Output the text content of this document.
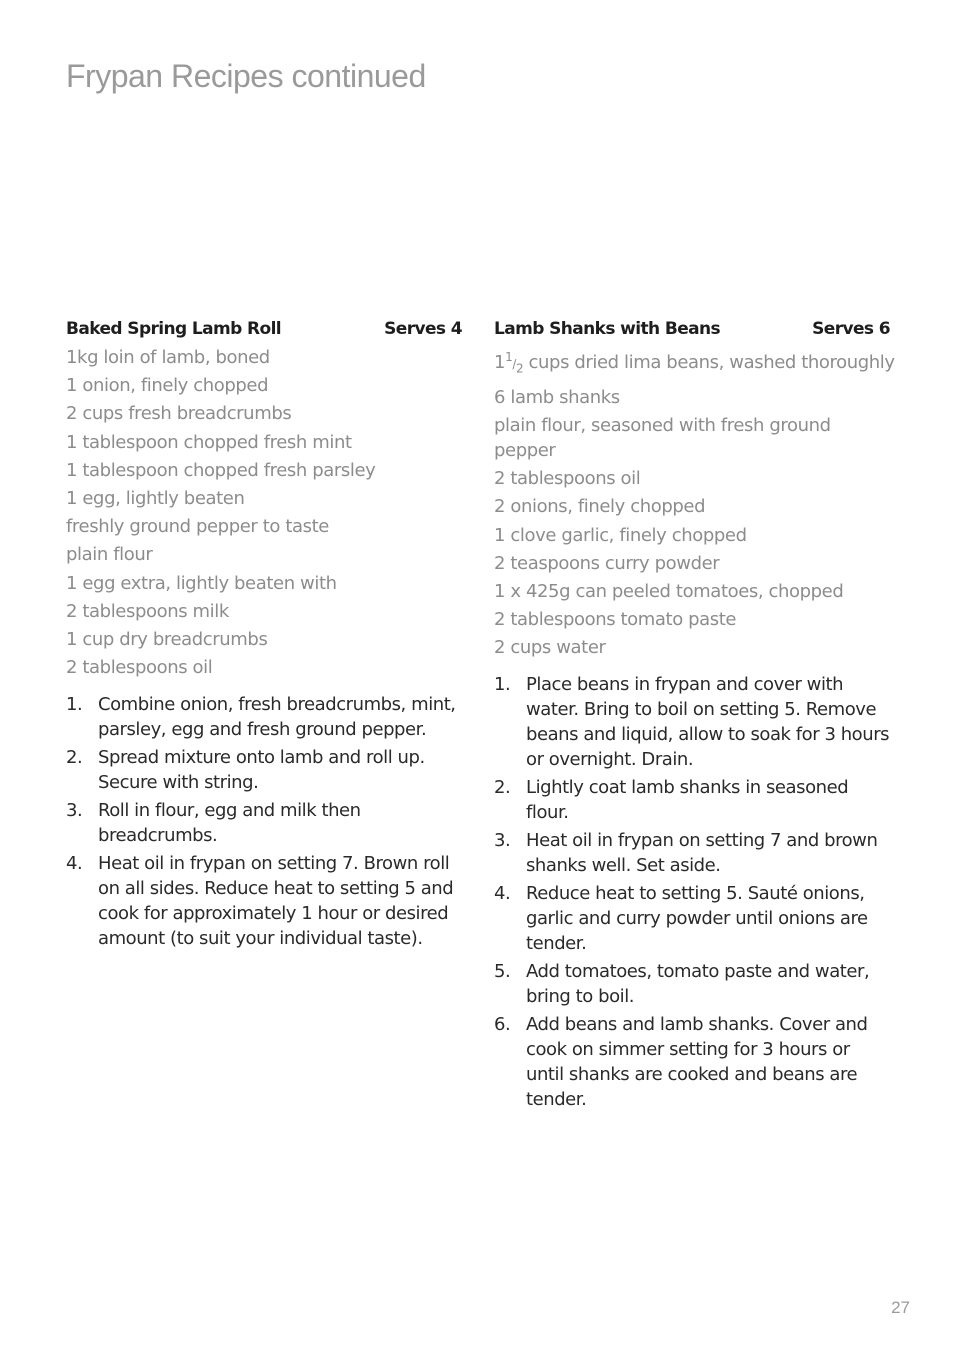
Frypan Recipes continued
Baked Spring Lamb Roll	Serves 4
1kg loin of lamb, boned
1 onion, finely chopped
2 cups fresh breadcrumbs
1 tablespoon chopped fresh mint
1 tablespoon chopped fresh parsley
1 egg, lightly beaten
freshly ground pepper to taste
plain flour
1 egg extra, lightly beaten with
2 tablespoons milk
1 cup dry breadcrumbs
2 tablespoons oil
1. Combine onion, fresh breadcrumbs, mint, parsley, egg and fresh ground pepper.
2. Spread mixture onto lamb and roll up. Secure with string.
3. Roll in flour, egg and milk then breadcrumbs.
4. Heat oil in frypan on setting 7. Brown roll on all sides. Reduce heat to setting 5 and cook for approximately 1 hour or desired amount (to suit your individual taste).
Lamb Shanks with Beans	Serves 6
$1^1/_2$ cups dried lima beans, washed thoroughly
6 lamb shanks
plain flour, seasoned with fresh ground pepper
2 tablespoons oil
2 onions, finely chopped
1 clove garlic, finely chopped
2 teaspoons curry powder
1 x 425g can peeled tomatoes, chopped
2 tablespoons tomato paste
2 cups water
1. Place beans in frypan and cover with water. Bring to boil on setting 5. Remove beans and liquid, allow to soak for 3 hours or overnight. Drain.
2. Lightly coat lamb shanks in seasoned flour.
3. Heat oil in frypan on setting 7 and brown shanks well. Set aside.
4. Reduce heat to setting 5. Sauté onions, garlic and curry powder until onions are tender.
5. Add tomatoes, tomato paste and water, bring to boil.
6. Add beans and lamb shanks. Cover and cook on simmer setting for 3 hours or until shanks are cooked and beans are tender.
27
